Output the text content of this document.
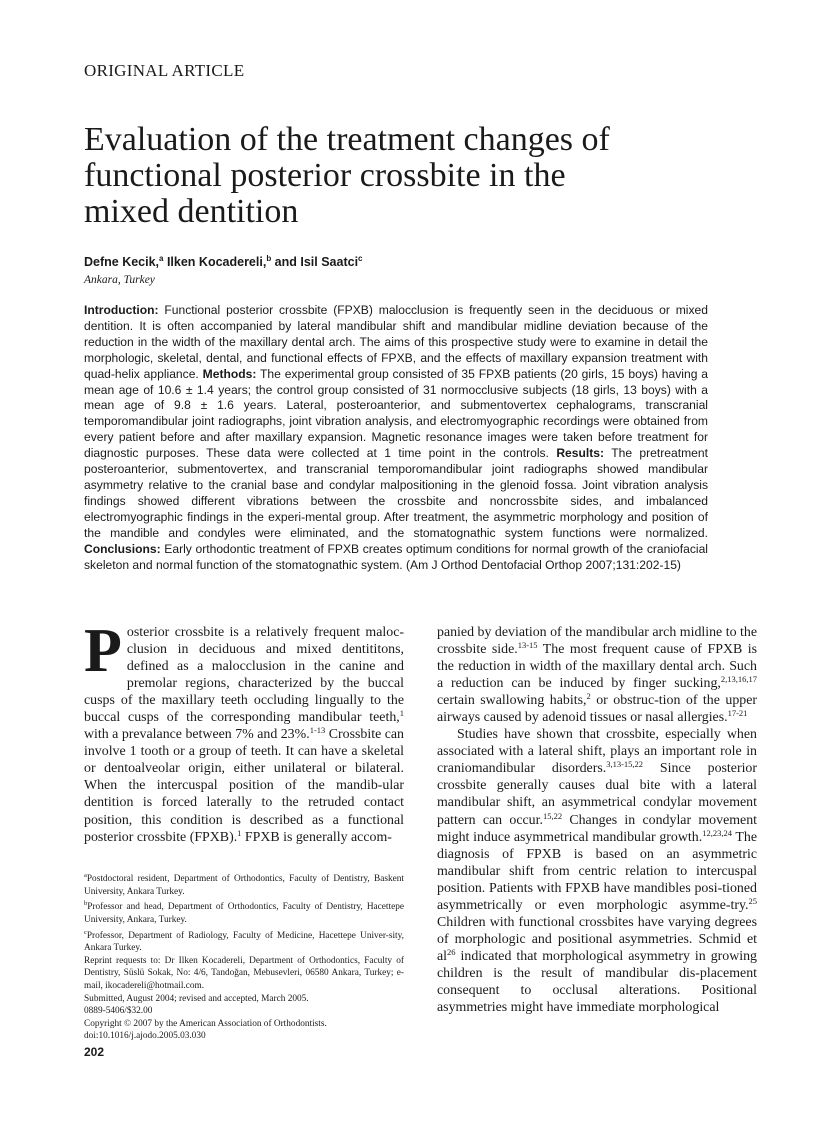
ORIGINAL ARTICLE
Evaluation of the treatment changes of
functional posterior crossbite in the
mixed dentition
Defne Kecik,$^a$ Ilken Kocadereli,$^b$ and Isil Saatci$^c$
Ankara, Turkey

Introduction: Functional posterior crossbite (FPXB) malocclusion is frequently seen in the deciduous or mixed dentition. It is often accompanied by lateral mandibular shift and mandibular midline deviation because of the reduction in the width of the maxillary dental arch. The aims of this prospective study were to examine in detail the morphologic, skeletal, dental, and functional effects of FPXB, and the effects of maxillary expansion treatment with quad-helix appliance. Methods: The experimental group consisted of 35 FPXB patients (20 girls, 15 boys) having a mean age of 10.6 ± 1.4 years; the control group consisted of 31 normocclusive subjects (18 girls, 13 boys) with a mean age of 9.8 ± 1.6 years. Lateral, posteroanterior, and submentovertex cephalograms, transcranial temporomandibular joint radiographs, joint vibration analysis, and electromyographic recordings were obtained from every patient before and after maxillary expansion. Magnetic resonance images were taken before treatment for diagnostic purposes. These data were collected at 1 time point in the controls. Results: The pretreatment posteroanterior, submentovertex, and transcranial temporomandibular joint radiographs showed mandibular asymmetry relative to the cranial base and condylar malpositioning in the glenoid fossa. Joint vibration analysis findings showed different vibrations between the crossbite and noncrossbite sides, and imbalanced electromyographic findings in the experi-mental group. After treatment, the asymmetric morphology and position of the mandible and condyles were eliminated, and the stomatognathic system functions were normalized. Conclusions: Early orthodontic treatment of FPXB creates optimum conditions for normal growth of the craniofacial skeleton and normal function of the stomatognathic system. (Am J Orthod Dentofacial Orthop 2007;131:202-15)

Posterior crossbite is a relatively frequent maloc-clusion in deciduous and mixed dentititons, defined as a malocclusion in the canine and premolar regions, characterized by the buccal cusps of the maxillary teeth occluding lingually to the buccal cusps of the corresponding mandibular teeth,$^1$ with a prevalance between 7% and 23%.$^{1-13}$ Crossbite can involve 1 tooth or a group of teeth. It can have a skeletal or dentoalveolar origin, either unilateral or bilateral. When the intercuspal position of the mandib-ular dentition is forced laterally to the retruded contact position, this condition is described as a functional posterior crossbite (FPXB).$^1$ FPXB is generally accom-

panied by deviation of the mandibular arch midline to the crossbite side.$^{13-15}$ The most frequent cause of FPXB is the reduction in width of the maxillary dental arch. Such a reduction can be induced by finger sucking,$^{2,13,16,17}$ certain swallowing habits,$^2$ or obstruc-tion of the upper airways caused by adenoid tissues or nasal allergies.$^{17-21}$

Studies have shown that crossbite, especially when associated with a lateral shift, plays an important role in craniomandibular disorders.$^{3,13-15,22}$ Since posterior crossbite generally causes dual bite with a lateral mandibular shift, an asymmetrical condylar movement pattern can occur.$^{15,22}$ Changes in condylar movement might induce asymmetrical mandibular growth.$^{12,23,24}$ The diagnosis of FPXB is based on an asymmetric mandibular shift from centric relation to intercuspal position. Patients with FPXB have mandibles posi-tioned asymmetrically or even morphologic asymme-try.$^{25}$ Children with functional crossbites have varying degrees of morphologic and positional asymmetries. Schmid et al$^{26}$ indicated that morphological asymmetry in growing children is the result of mandibular dis-placement consequent to occlusal alterations. Positional asymmetries might have immediate morphological

$^a$Postdoctoral resident, Department of Orthodontics, Faculty of Dentistry, Baskent University, Ankara Turkey.
$^b$Professor and head, Department of Orthodontics, Faculty of Dentistry, Hacettepe University, Ankara, Turkey.
$^c$Professor, Department of Radiology, Faculty of Medicine, Hacettepe Univer-sity, Ankara Turkey.
Reprint requests to: Dr Ilken Kocadereli, Department of Orthodontics, Faculty of Dentistry, Süslü Sokak, No: 4/6, Tandoğan, Mebusevleri, 06580 Ankara, Turkey; e-mail, ikocadereli@hotmail.com.
Submitted, August 2004; revised and accepted, March 2005.
0889-5406/$32.00
Copyright © 2007 by the American Association of Orthodontists.
doi:10.1016/j.ajodo.2005.03.030
202
